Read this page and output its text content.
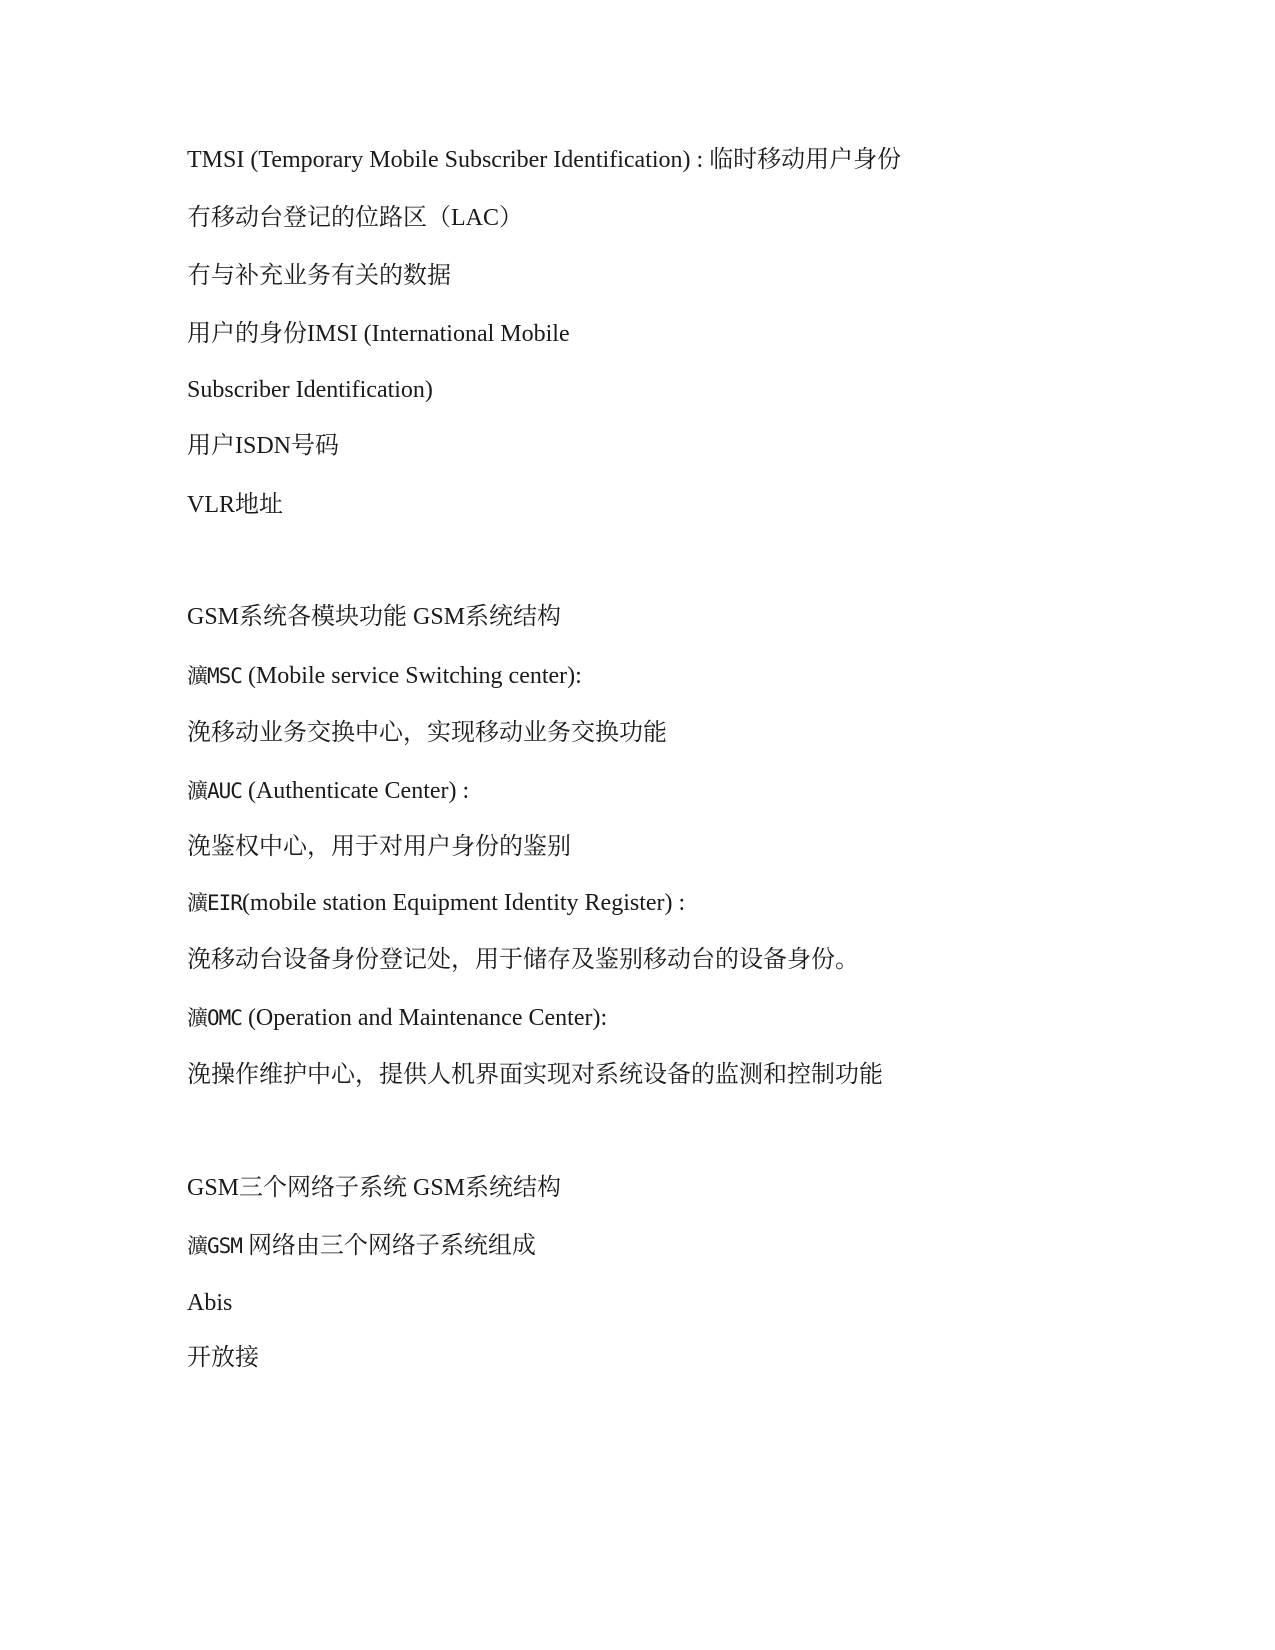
TMSI (Temporary Mobile Subscriber Identification) : 临时移动用户身份
冇移动台登记的位路区（LAC）
冇与补充业务有关的数据
用户的身份IMSI (International Mobile
Subscriber Identification)
用户ISDN号码
VLR地址
GSM系统各模块功能 GSM系统结构
瀇MSC (Mobile service Switching center):
浼移动业务交换中心，实现移动业务交换功能
瀇AUC (Authenticate Center) :
浼鉴权中心，用于对用户身份的鉴别
瀇EIR(mobile station Equipment Identity Register) :
浼移动台设备身份登记处，用于储存及鉴别移动台的设备身份。
瀇OMC (Operation and Maintenance Center):
浼操作维护中心，提供人机界面实现对系统设备的监测和控制功能
GSM三个网络子系统 GSM系统结构
瀇GSM 网络由三个网络子系统组成
Abis
开放接
